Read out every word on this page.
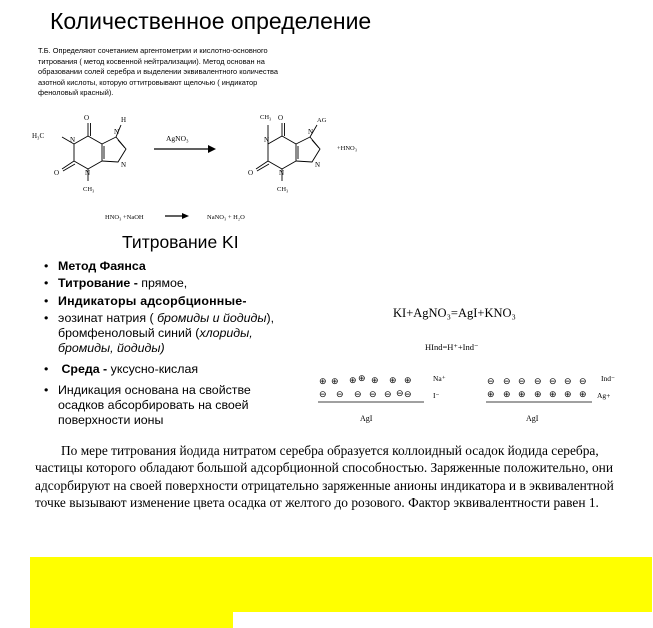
Количественное определение
Т.Б. Определяют сочетанием аргентометрии и кислотно-основного
титрования ( метод косвенной нейтрализации). Метод основан на
образовании солей серебра и выделении эквивалентного количества
азотной кислоты, которую оттитровывают щелочью ( индикатор
феноловый красный).
H₃C
O	H
N
N
O	N
N
CH₃
AgNO₃
CH₃ O	AG
N
N
O	N
N
CH₃
+HNO₃
HNO₃ +NaOH	NaNO₃ + H₂O
Титрование KI
• Метод Фаянса
• Титрование - прямое,
• Индикаторы адсорбционные-
• эозинат натрия ( бромиды и йодиды),
бромфеноловый синий (хлориды,
бромиды, йодиды)
• Среда - уксусно-кислая
• Индикация основана на свойстве
осадков абсорбировать на своей
поверхности ионы
KI+AgNO₃=AgI+KNO₃
HInd=H⁺+Ind⁻
⊕ ⊕ ⊕ ⊕ ⊕ ⊕ ⊕
⊖ ⊖ ⊖ ⊖ ⊖ ⊖ ⊖
Na⁺
I⁻
AgI
⊖ ⊖ ⊖ ⊖ ⊖ ⊖ ⊖
⊕ ⊕ ⊕ ⊕ ⊕ ⊕ ⊕
Ind⁻
Ag+
AgI
По мере титрования йодида нитратом серебра образуется коллоидный осадок йодида серебра, частицы которого обладают большой адсорбционной способностью. Заряженные положительно, они адсорбируют на своей поверхности отрицательно заряженные анионы индикатора и в эквивалентной точке вызывают изменение цвета осадка от желтого до розового. Фактор эквивалентности равен 1.
